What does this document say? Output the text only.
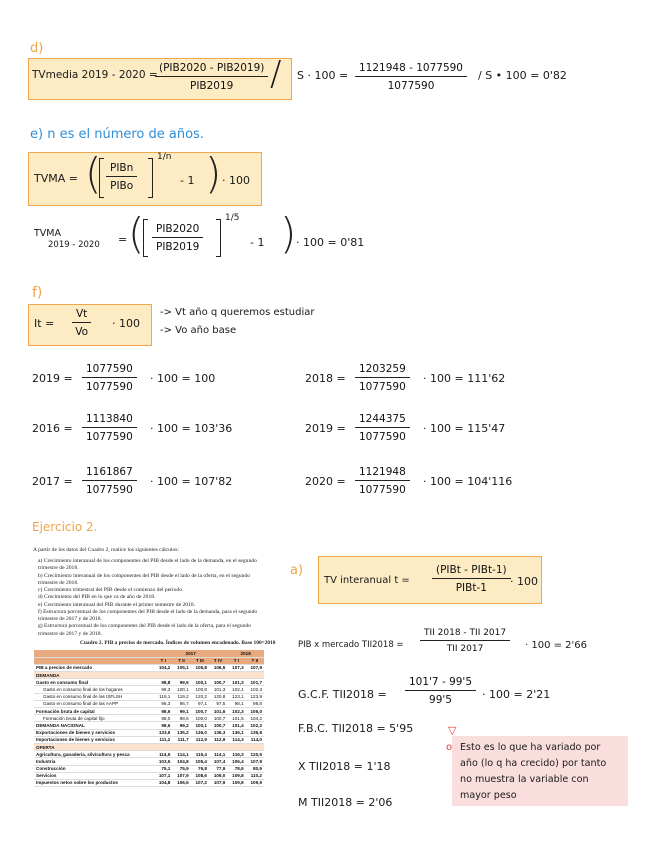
d)
TVmedia 2019 - 2020 =
(PIB2020 - PIB2019)
$PIB2019 / S \cdot 100 = \frac{1121948 - 1077590}{1077590} / S$ • 100 = 0'82
e) n es el número de años.
TVMA = ( PIBn
PIBo
1/n
- 1 ) · 100
TVMA
2019 - 2020 = (	PIB2020
PIB2019
1/5
- 1 ) · 100 = 0'81
f)
$It = \frac{Vt}{Vo} \cdot 100$
-> Vt año q queremos estudiar
-> Vo año base
$2019 = \frac{1077590}{1077590} \cdot 100 = 100$	$2018 = \frac{1203259}{1077590} \cdot 100 = 111'62$
$2016 = \frac{1113840}{1077590} \cdot 100 = 103'36$	$2019 = \frac{1244375}{1077590} \cdot 100 = 115'47$
$2017 = \frac{1161867}{1077590} \cdot 100 = 107'82$	$2020 = \frac{1121948}{1077590} \cdot 100 = 104'116$
Ejercicio 2.
A partir de los datos del Cuadro 2, realice los siguientes cálculos:
a) Crecimiento interanual de los componentes del PIB desde el lado de la demanda, en el segundo trimestre de 2018.
b) Crecimiento interanual de los componentes del PIB desde el lado de la oferta, en el segundo trimestre de 2018.
c) Crecimiento trimestral del PIB desde el comienzo del periodo.
d) Crecimiento del PIB en lo que va de año de 2018.
e) Crecimiento interanual del PIB durante el primer semestre de 2018.
f) Estructura porcentual de los componentes del PIB desde el lado de la demanda, para el segundo trimestre de 2017 y de 2018.
g) Estructura porcentual de los componentes del PIB desde el lado de la oferta, para el segundo trimestre de 2017 y de 2018.
Cuadro 2. PIB a precios de mercado. Índices de volumen encadenado. Base 100=2010
	2017				2018	
	T I	T II	T III	T IV	T I	T II
PIB a precios de mercado	104,2	105,1	105,8	106,5	107,3	107,9
DEMANDA						
Gasto en consumo final	98,8	99,5	100,1	100,7	101,3	101,7
Gasto en consumo final de los hogares	99,3	100,1	100,8	101,3	102,1	102,3
Gasto en consumo final de las ISFLSH	118,1	119,2	120,2	120,8	123,1	123,9
Gasto en consumo final de las AAPP	96,3	96,7	97,1	97,5	98,1	98,8
Formación bruta de capital	98,6	99,1	100,7	101,6	102,3	105,0
Formación bruta de capital fijo	98,0	98,6	100,0	100,7	101,5	104,2
DEMANDA NACIONAL	98,6	99,2	100,1	100,7	101,4	102,2
Exportaciones de bienes y servicios	133,6	135,2	136,0	136,3	136,1	136,8
Importaciones de bienes y servicios	111,2	111,7	112,9	112,9	114,3	114,0
OFERTA						
Agricultura, ganadería, silvicultura y pesca	114,5	114,1	115,4	114,1	116,3	120,6
Industria	103,5	104,8	105,4	107,4	106,4	107,9
Construcción	75,1	75,9	76,8	77,9	78,6	80,9
Servicios	107,1	107,9	108,6	109,0	109,8	110,2
Impuestos netos sobre los productos	104,8	106,6	107,2	107,9	109,8	109,9
a)
TV interanual t =
(PIBt - PIBt-1)
PIBt-1 · 100
PIB x mercado TII2018 =
TII 2018 - TII 2017
TII 2017	· 100 = 2'66
G.C.F. $TII2018 = \frac{101'7 - 99'5}{99'5} \cdot 100 = 2'21$
F.B.C. TII2018 = 5'95
X TII2018 = 1'18
M TII2018 = 2'06
▽
o Esto es lo que ha variado por año (lo q ha crecido) por tanto no muestra la variable con mayor peso
